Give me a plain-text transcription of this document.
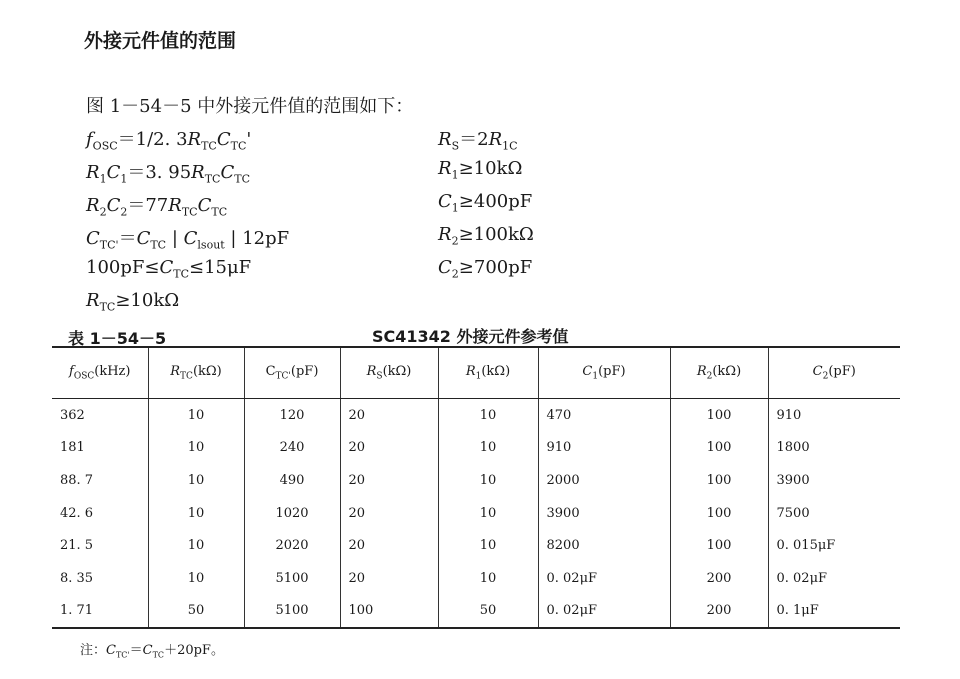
外接元件值的范围
图 1－54－5 中外接元件值的范围如下：
$f_{OSC}=1/2$. $3R_{TC}C_{TC}'$
$R_1C_1=3$. $95R_{TC}C_{TC}$
$R_2C_2=77R_{TC}C_{TC}$
$C_{TC'}=C_{TC}$ | $C_{lsout}$ | 12pF
$100pF\le C_{TC}\le 15\mu F$
$R_{TC}\ge 10k\Omega$
$R_S=2R_{1C}$
$R_1\ge 10k\Omega$
$C_1\ge 400pF$
$R_2\ge 100k\Omega$
$C_2\ge 700pF$
表 1－54－5	SC41342 外接元件参考值
$f_{OSC}(kHz)$	$R_{TC}(k\Omega)$	$C_{TC'}(pF)$	$R_S(k\Omega)$	$R_1(k\Omega)$	$C_1(pF)$	$R_2(k\Omega)$	$C_2(pF)$
362	10	120	20	10	470	100	910
181	10	240	20	10	910	100	1800
88. 7	10	490	20	10	2000	100	3900
42. 6	10	1020	20	10	3900	100	7500
21. 5	10	2020	20	10	8200	100	0. 015μF
8. 35	10	5100	20	10	0. 02μF	200	0. 02μF
1. 71	50	5100	100	50	0. 02μF	200	0. 1μF
注：$C_{TC'}=C_{TC}+20pF$。
